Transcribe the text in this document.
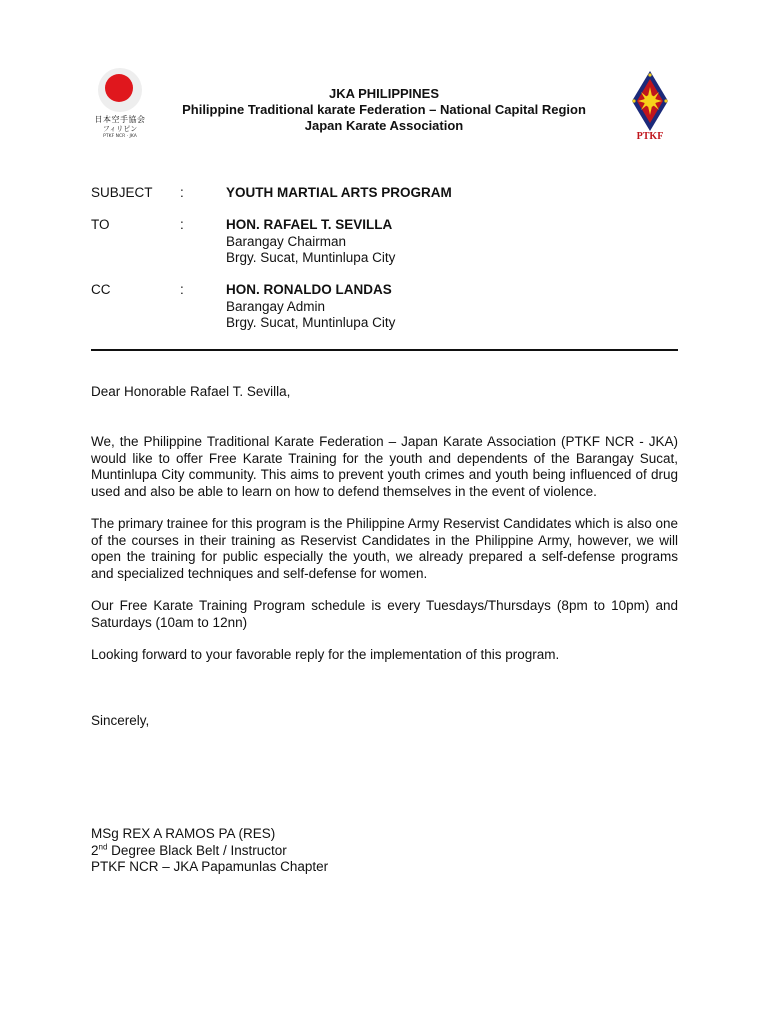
日本空手協会
フィリピン
PTKF NCR · JKA
JKA PHILIPPINES
Philippine Traditional karate Federation – National Capital Region
Japan Karate Association
PTKF
SUBJECT	:	YOUTH MARTIAL ARTS PROGRAM
TO	:	HON. RAFAEL T. SEVILLA
Barangay Chairman
Brgy. Sucat, Muntinlupa City
CC	:	HON. RONALDO LANDAS
Barangay Admin
Brgy. Sucat, Muntinlupa City
Dear Honorable Rafael T. Sevilla,
We, the Philippine Traditional Karate Federation – Japan Karate Association (PTKF NCR - JKA) would like to offer Free Karate Training for the youth and dependents of the Barangay Sucat, Muntinlupa City community. This aims to prevent youth crimes and youth being influenced of drug used and also be able to learn on how to defend themselves in the event of violence.
The primary trainee for this program is the Philippine Army Reservist Candidates which is also one of the courses in their training as Reservist Candidates in the Philippine Army, however, we will open the training for public especially the youth, we already prepared a self-defense programs and specialized techniques and self-defense for women.
Our Free Karate Training Program schedule is every Tuesdays/Thursdays (8pm to 10pm) and Saturdays (10am to 12nn)
Looking forward to your favorable reply for the implementation of this program.
Sincerely,
MSg REX A RAMOS PA (RES)
2nd Degree Black Belt / Instructor
PTKF NCR – JKA Papamunlas Chapter
